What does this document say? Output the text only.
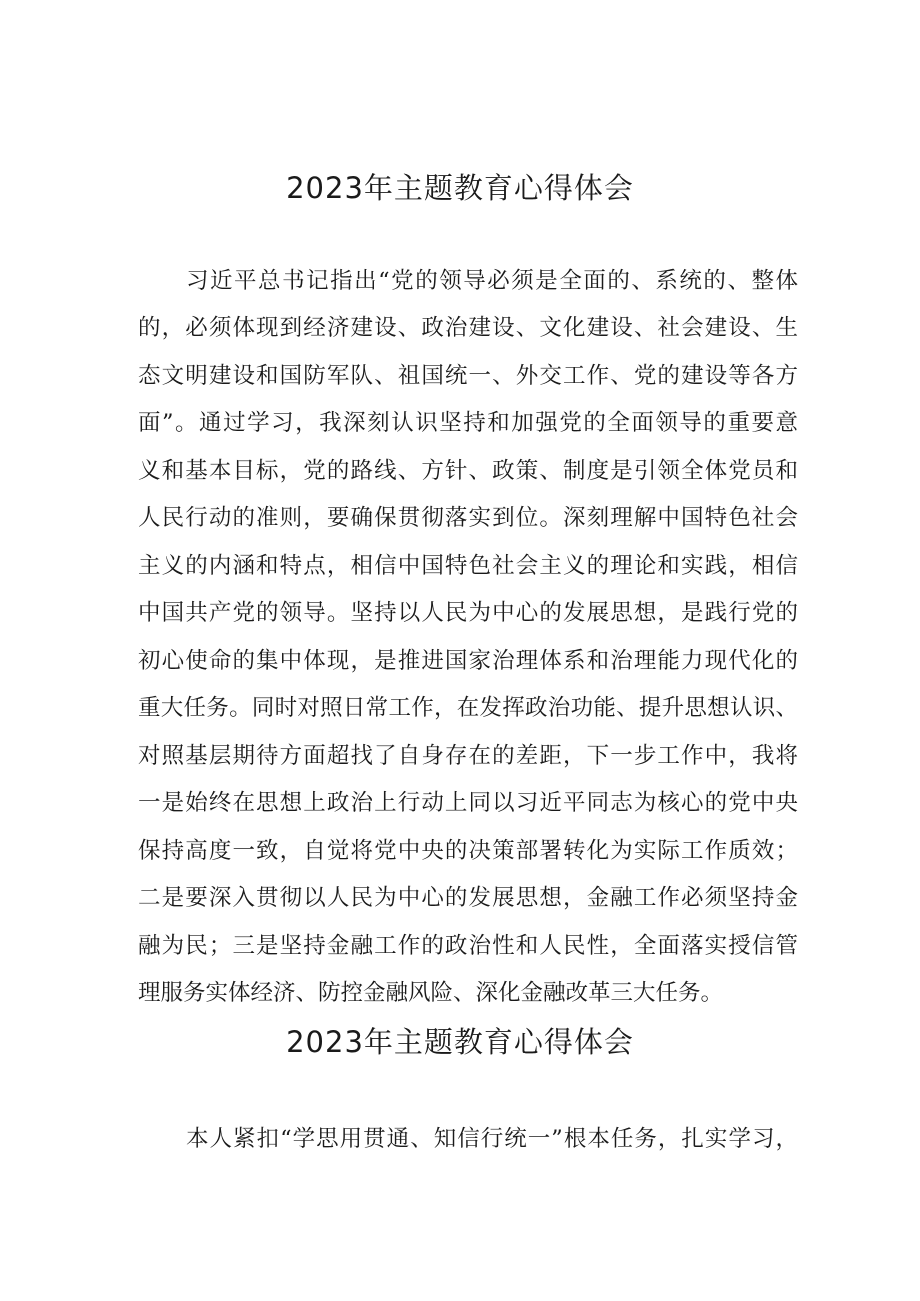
2023年主题教育心得体会
习近平总书记指出“党的领导必须是全面的、系统的、整体
的，必须体现到经济建设、政治建设、文化建设、社会建设、生
态文明建设和国防军队、祖国统一、外交工作、党的建设等各方
面”。通过学习，我深刻认识坚持和加强党的全面领导的重要意
义和基本目标，党的路线、方针、政策、制度是引领全体党员和
人民行动的准则，要确保贯彻落实到位。深刻理解中国特色社会
主义的内涵和特点，相信中国特色社会主义的理论和实践，相信
中国共产党的领导。坚持以人民为中心的发展思想，是践行党的
初心使命的集中体现，是推进国家治理体系和治理能力现代化的
重大任务。同时对照日常工作，在发挥政治功能、提升思想认识、
对照基层期待方面超找了自身存在的差距，下一步工作中，我将
一是始终在思想上政治上行动上同以习近平同志为核心的党中央
保持高度一致，自觉将党中央的决策部署转化为实际工作质效；
二是要深入贯彻以人民为中心的发展思想，金融工作必须坚持金
融为民；三是坚持金融工作的政治性和人民性，全面落实授信管
理服务实体经济、防控金融风险、深化金融改革三大任务。
2023年主题教育心得体会
本人紧扣“学思用贯通、知信行统一”根本任务，扎实学习，
